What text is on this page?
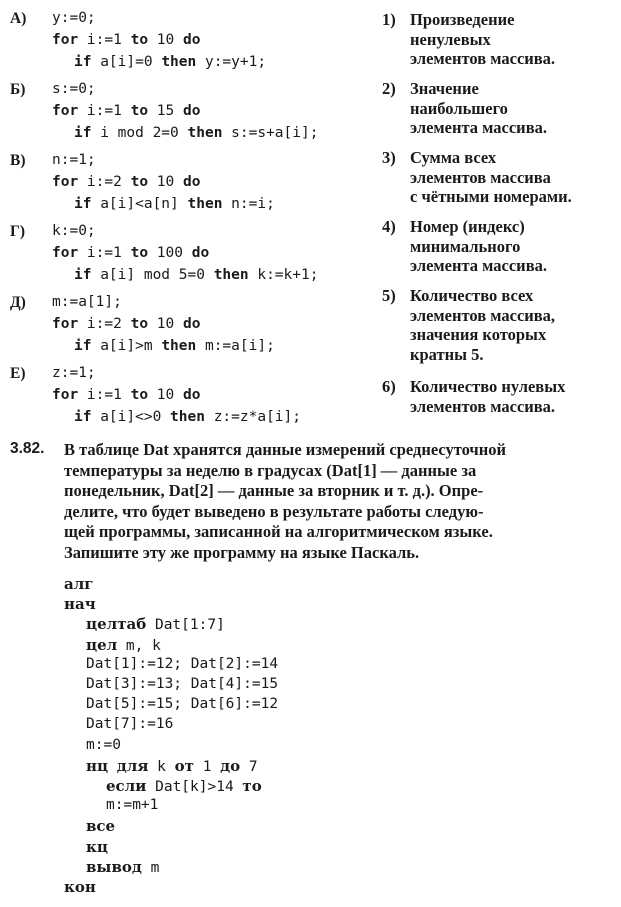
А) y:=0;
for i:=1 to 10 do
if a[i]=0 then y:=y+1;
Б) s:=0;
for i:=1 to 15 do
if i mod 2=0 then s:=s+a[i];
В) n:=1;
for i:=2 to 10 do
if a[i]<a[n] then n:=i;
Г) k:=0;
for i:=1 to 100 do
if a[i] mod 5=0 then k:=k+1;
Д) m:=a[1];
for i:=2 to 10 do
if a[i]>m then m:=a[i];
Е) z:=1;
for i:=1 to 10 do
if a[i]<>0 then z:=z*a[i];
1) Произведение
ненулевых
элементов массива.
2) Значение
наибольшего
элемента массива.
3) Сумма всех
элементов массива
с чётными номерами.
4) Номер (индекс)
минимального
элемента массива.
5) Количество всех
элементов массива,
значения которых
кратны 5.
6) Количество нулевых
элементов массива.
3.82. В таблице Dat хранятся данные измерений среднесуточной
температуры за неделю в градусах (Dat[1] — данные за
понедельник, Dat[2] — данные за вторник и т. д.). Опре-
делите, что будет выведено в результате работы следую-
щей программы, записанной на алгоритмическом языке.
Запишите эту же программу на языке Паскаль.
алг
нач
целтаб Dat[1:7]
цел m, k
Dat[1]:=12; Dat[2]:=14
Dat[3]:=13; Dat[4]:=15
Dat[5]:=15; Dat[6]:=12
Dat[7]:=16
m:=0
нц для k от 1 до 7
если Dat[k]>14 то
m:=m+1
все
кц
вывод m
кон
